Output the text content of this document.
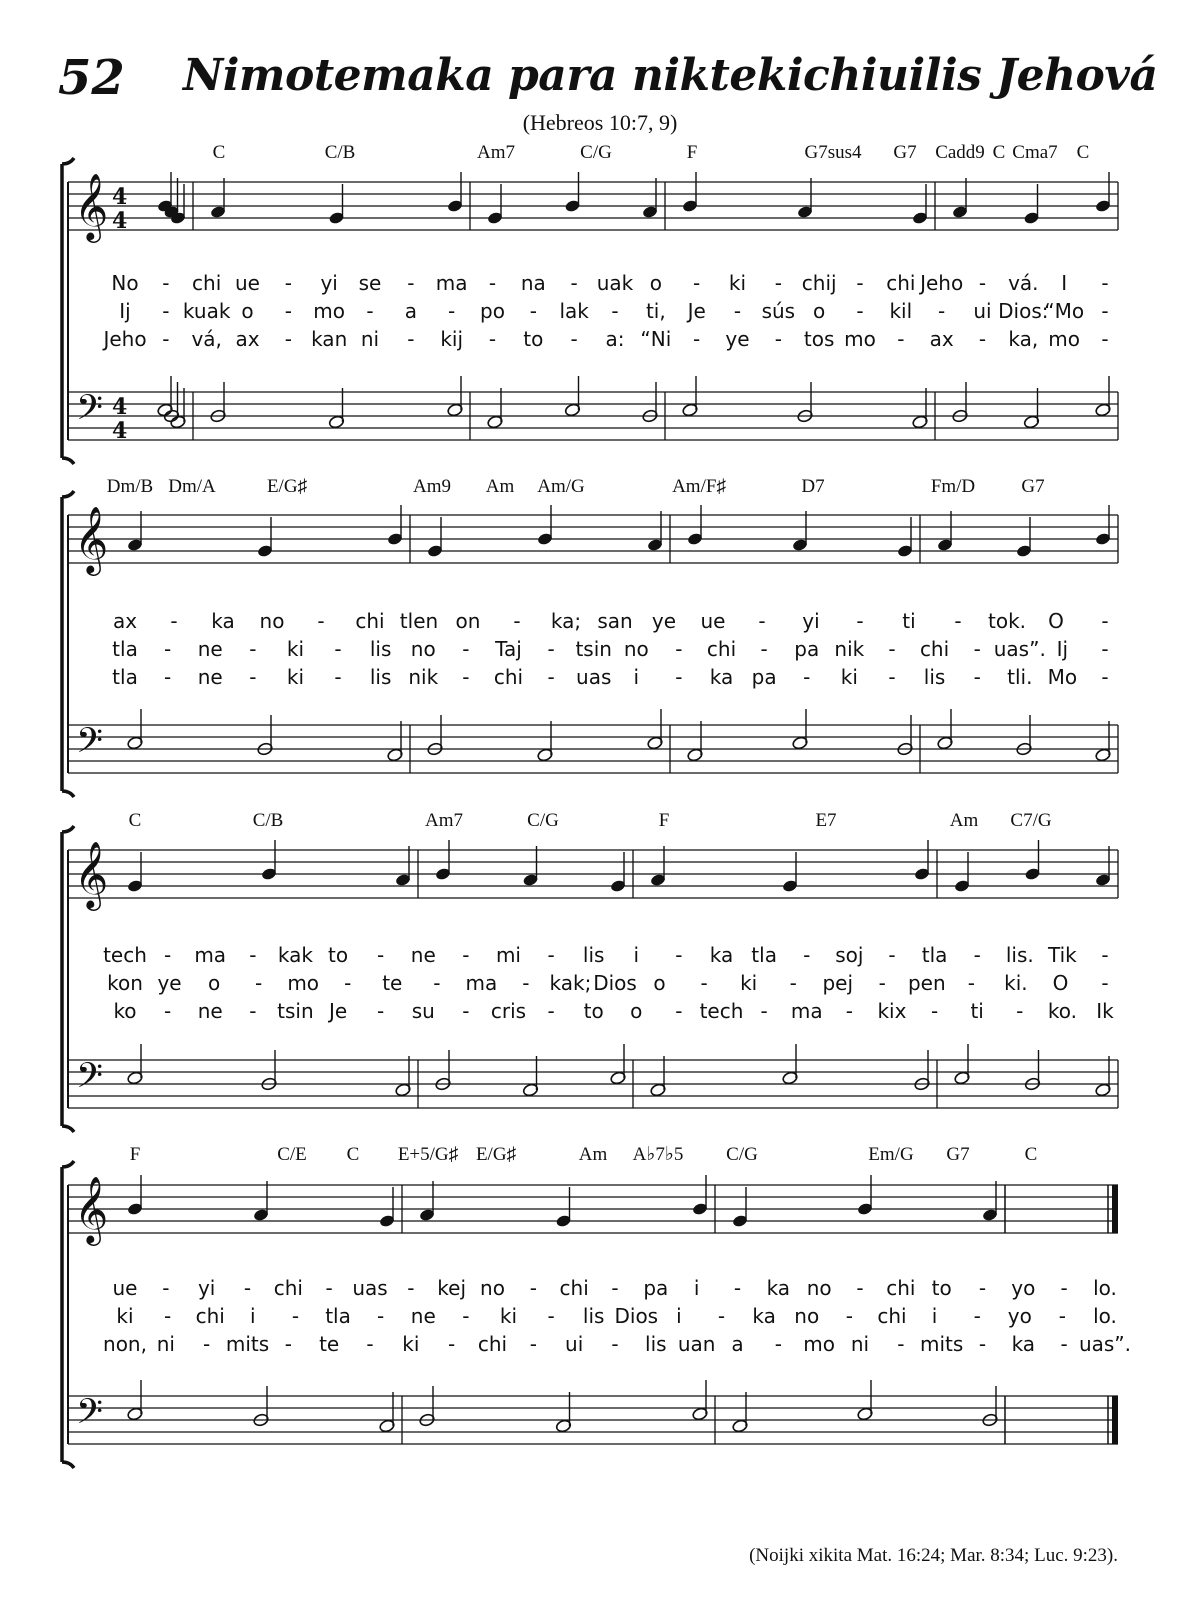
52 Nimotemaka para niktekichiuilis Jehová
(Hebreos 10:7, 9)
(Noijki xikita Mat. 16:24; Mar. 8:34; Luc. 9:23).
𝄞
𝄢
4
4
4
4
C	C/B	Am7	C/G	F	G7sus4 G7 Cadd9 C Cma7 C
No - chi ue - yi se - ma - na - uak o - ki - chij - chi Jeho - vá. I -
Ij - kuak o - mo - a - po - lak - ti, Je - sús o - kil - ui Dios:
“Mo -
Jeho - vá, ax - kan ni - kij - to - a: “Ni - ye - tos mo - ax - ka, mo -
𝄞
𝄢
Dm/B Dm/A	E/G♯	Am9 Am Am/G	Am/F♯	D7	Fm/D G7
ax - ka no - chi tlen on - ka; san ye ue - yi - ti - tok. O -
tla - ne - ki - lis no - Taj - tsin no - chi - pa nik - chi - uas”. Ij -
tla - ne - ki - lis nik - chi - uas i - ka pa - ki - lis - tli. Mo -
𝄞
𝄢
C	C/B	Am7	C/G	F	E7	Am C7/G
tech - ma - kak to - ne - mi - lis i - ka tla - soj - tla - lis. Tik -
kon ye o - mo - te - ma - kak; Dios o - ki - pej - pen - ki. O -
ko - ne - tsin Je - su - cris - to o - tech - ma - kix - ti - ko. Ik
𝄞
𝄢
F	C/E C E+5/G♯ E/G♯	Am A♭7♭5 C/G	Em/G G7	C
ue - yi - chi - uas - kej no - chi - pa i - ka no - chi to - yo - lo.
ki - chi i - tla - ne - ki - lis Dios i - ka no - chi i - yo - lo.
non, ni - mits - te - ki - chi - ui - lis uan a - mo ni - mits - ka - uas”.
